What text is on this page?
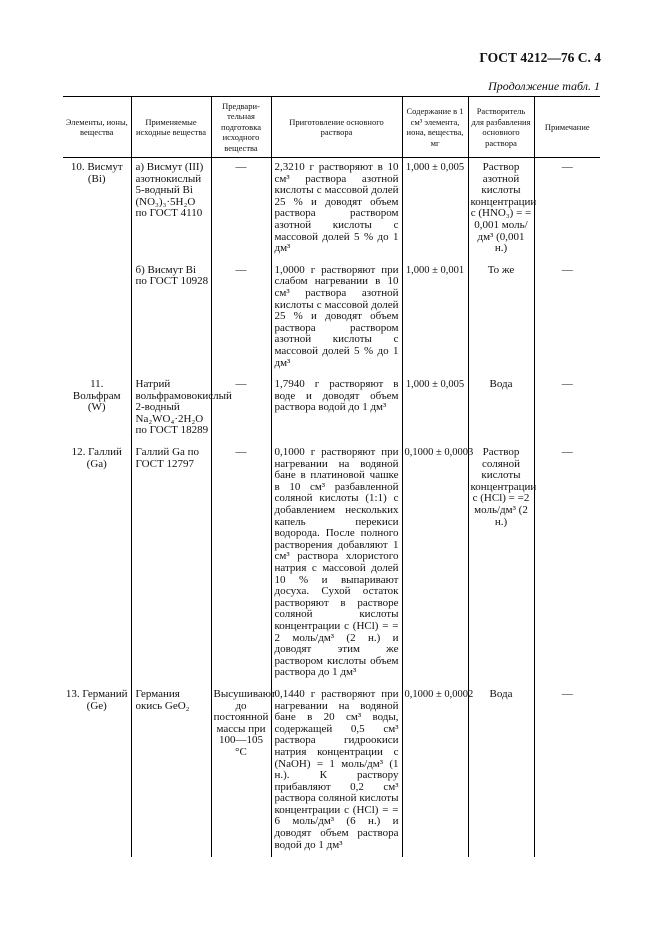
ГОСТ 4212—76 С. 4
Продолжение табл. 1
Элементы, ионы, вещества	Применяемые исходные вещества	Предвари-тельная подготовка исходного вещества	Приготовление основного раствора	Содержание в 1 см³ элемента, иона, вещества, мг	Растворитель для разбавления основного раствора	Примечание
10. Висмут (Bi)	а) Висмут (III) азотнокислый 5-водный Bi (NO₃)₃·5H₂O по ГОСТ 4110	—	2,3210 г растворяют в 10 см³ раствора азотной кислоты с массовой долей 25 % и доводят объем раствора раствором азотной кислоты с массовой долей 5 % до 1 дм³	1,000 ± 0,005	Раствор азотной кислоты концентрации c (HNO₃) = = 0,001 моль/дм³ (0,001 н.)	—
	б) Висмут Bi по ГОСТ 10928	—	1,0000 г растворяют при слабом нагревании в 10 см³ раствора азотной кислоты с массовой долей 25 % и доводят объем раствора раствором азотной кислоты с массовой долей 5 % до 1 дм³	1,000 ± 0,001	То же	—
11. Вольфрам (W)	Натрий вольфрамовокислый 2-водный Na₂WO₄·2H₂O по ГОСТ 18289	—	1,7940 г растворяют в воде и доводят объем раствора водой до 1 дм³	1,000 ± 0,005	Вода	—
12. Галлий (Ga)	Галлий Ga по ГОСТ 12797	—	0,1000 г растворяют при нагревании на водяной бане в платиновой чашке в 10 см³ разбавленной соляной кислоты (1:1) с добавлением нескольких капель перекиси водорода. После полного растворения добавляют 1 см³ раствора хлористого натрия с массовой долей 10 % и выпаривают досуха. Сухой остаток растворяют в растворе соляной кислоты концентрации c (HCl) = = 2 моль/дм³ (2 н.) и доводят этим же раствором кислоты объем раствора до 1 дм³	0,1000 ± 0,0003	Раствор соляной кислоты концентрации c (HCl) = =2 моль/дм³ (2 н.)	—
13. Германий (Ge)	Германия окись GeO₂	Высушивают до постоянной массы при 100—105 °С	0,1440 г растворяют при нагревании на водяной бане в 20 см³ воды, содержащей 0,5 см³ раствора гидроокиси натрия концентрации c (NaOH) = 1 моль/дм³ (1 н.). К раствору прибавляют 0,2 см³ раствора соляной кислоты концентрации c (HCl) = = 6 моль/дм³ (6 н.) и доводят объем раствора водой до 1 дм³	0,1000 ± 0,0002	Вода	—
